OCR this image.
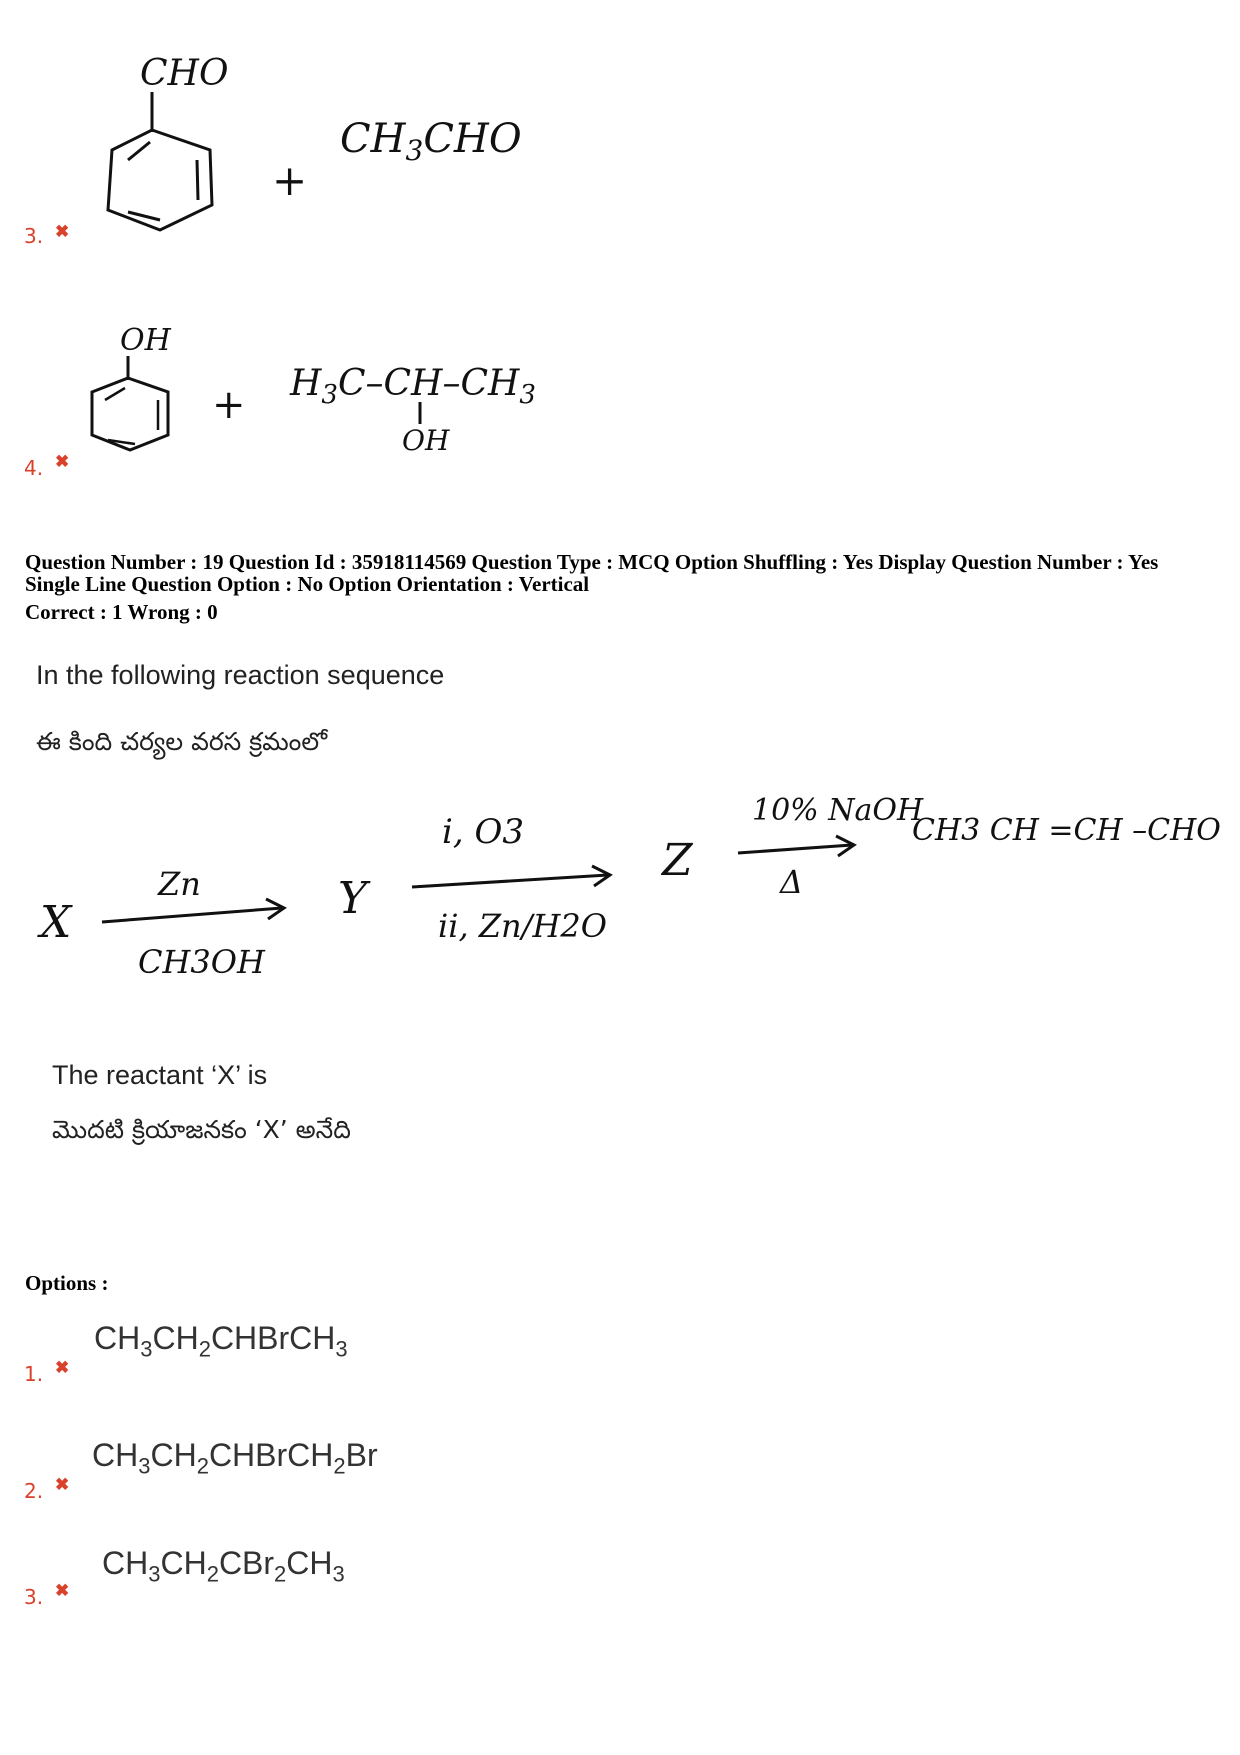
CHO
+
$CH_3CHO$
3. ✖
OH
+ $H_3C-CH-CH_3$
OH
4. ✖
Question Number : 19 Question Id : 35918114569 Question Type : MCQ Option Shuffling : Yes Display Question Number : Yes
Single Line Question Option : No Option Orientation : Vertical
Correct : 1 Wrong : 0
In the following reaction sequence
ఈ కింది చర్యల వరస క్రమంలో
X
Zn
CH3OH
Y
i, O3
ii, Zn/H2O
Z
10% NaOH
Δ
CH3 CH =CH –CHO
The reactant ‘X’ is
మొదటి క్రియాజనకం ‘X’ అనేది
Options :
1. ✖
$CH_3CH_2CHBrCH_3$
2. ✖
$CH_3CH_2CHBrCH_2Br$
3. ✖
$CH_3CH_2CBr_2CH_3$
